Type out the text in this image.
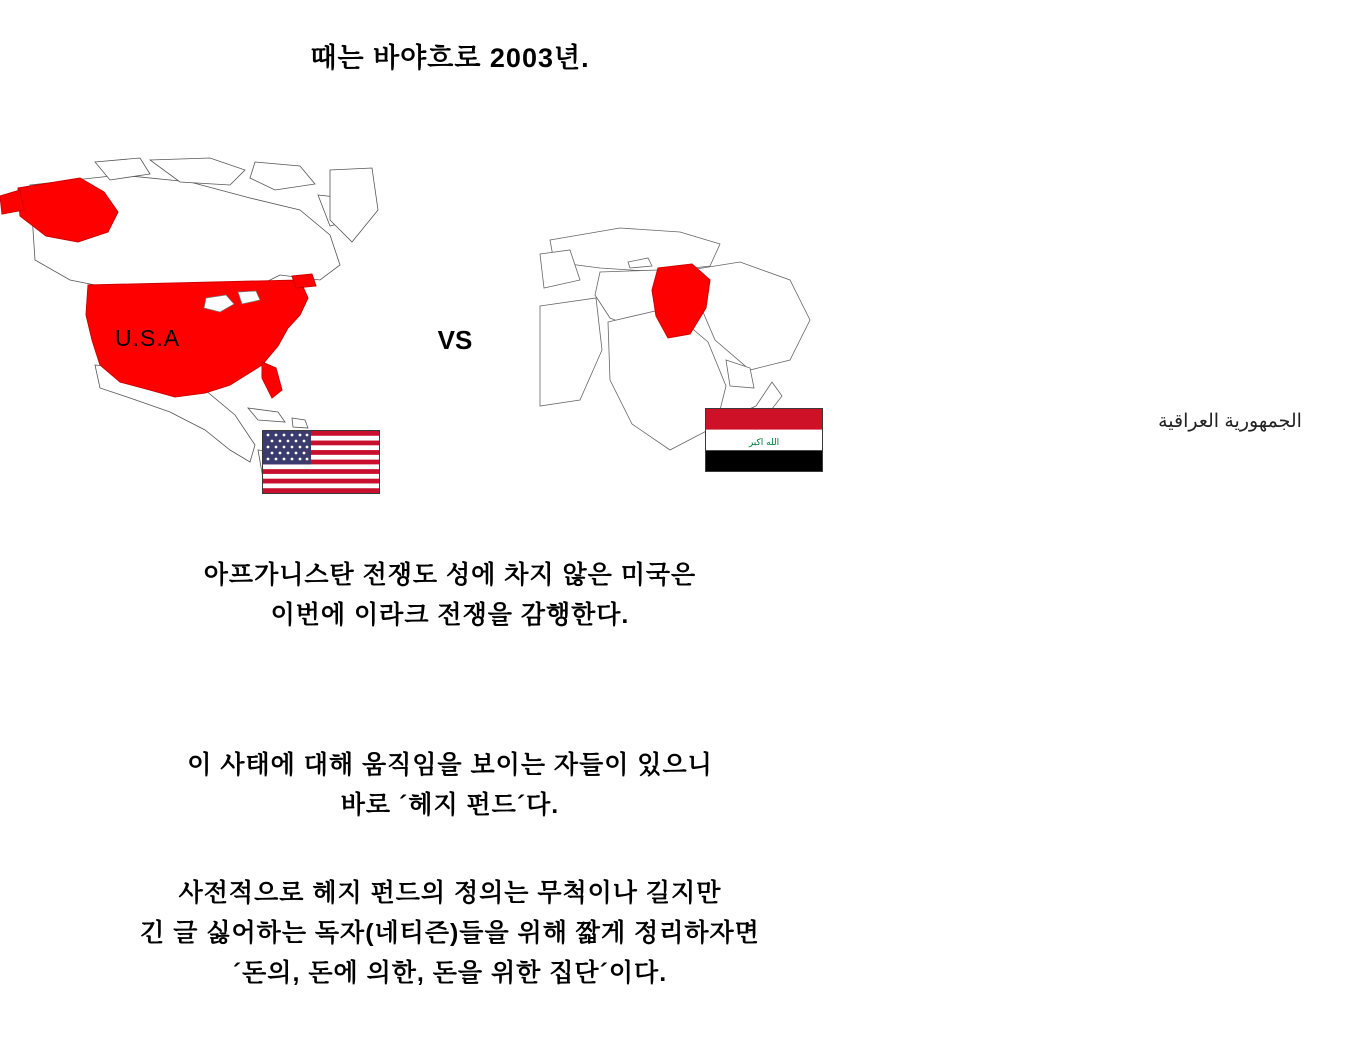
때는 바야흐로 2003년.
U.S.A	VS
الجمهورية العراقية
الله اكبر
아프가니스탄 전쟁도 성에 차지 않은 미국은
이번에 이라크 전쟁을 감행한다.
이 사태에 대해 움직임을 보이는 자들이 있으니
바로 ´헤지 펀드´다.
사전적으로 헤지 펀드의 정의는 무척이나 길지만
긴 글 싫어하는 독자(네티즌)들을 위해 짧게 정리하자면
´돈의, 돈에 의한, 돈을 위한 집단´이다.
